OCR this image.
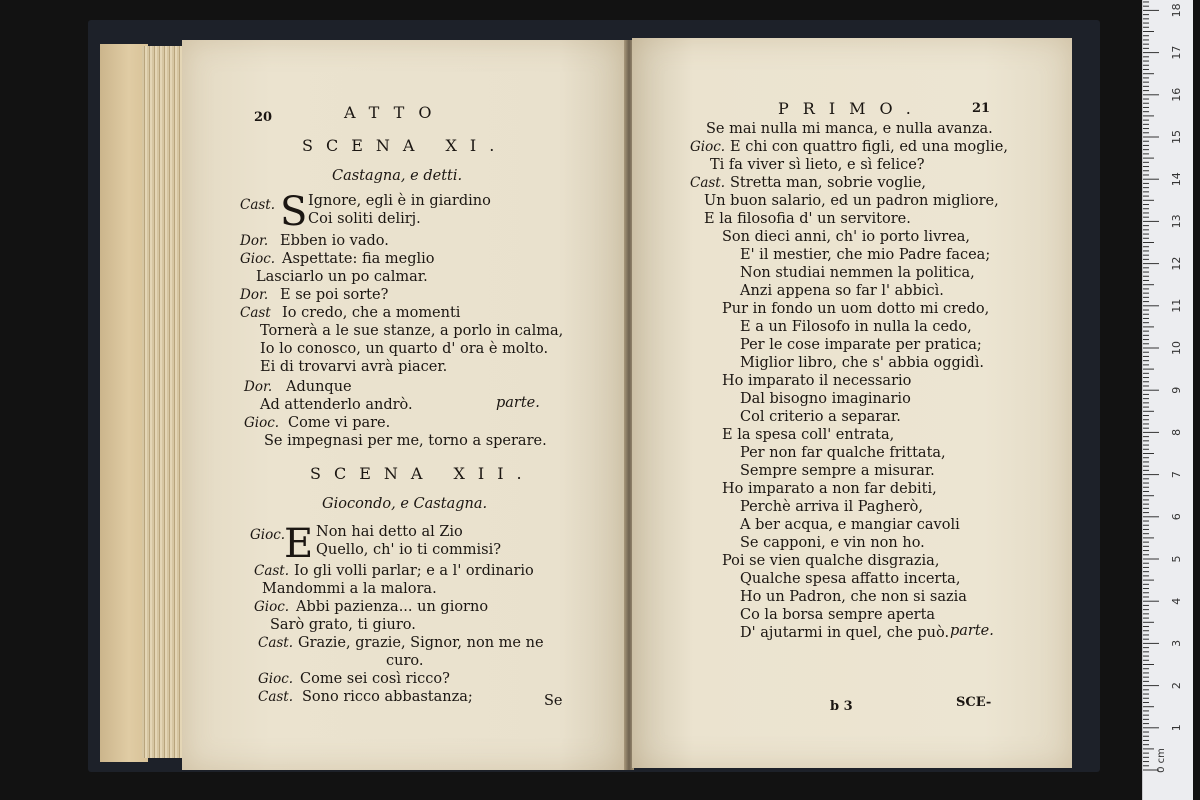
20	ATTO
SCENA XI.
Castagna, e detti.
S
Cast. Ignore, egli è in giardino
Coi soliti delirj.
Dor. Ebben io vado.
Gioc. Aspettate: fia meglio
Lasciarlo un po calmar.
Dor. E se poi sorte?
Cast Io credo, che a momenti
Tornerà a le sue stanze, a porlo in calma,
Io lo conosco, un quarto d' ora è molto.
Ei di trovarvi avrà piacer.
Dor. Adunque
Ad attenderlo andrò.	parte.
Gioc. Come vi pare.
Se impegnasi per me, torno a sperare.
SCENA XII.
Giocondo, e Castagna.
E
Gioc. Non hai detto al Zio
Quello, ch' io ti commisi?
Cast. Io gli volli parlar; e a l' ordinario
Mandommi a la malora.
Gioc. Abbi pazienza... un giorno
Sarò grato, ti giuro.
Cast. Grazie, grazie, Signor, non me ne
curo.
Gioc. Come sei così ricco?
Cast. Sono ricco abbastanza;	Se
PRIMO.	21
Se mai nulla mi manca, e nulla avanza.
Gioc. E chi con quattro figli, ed una moglie,
Ti fa viver sì lieto, e sì felice?
Cast. Stretta man, sobrie voglie,
Un buon salario, ed un padron migliore,
E la filosofia d' un servitore.
Son dieci anni, ch' io porto livrea,
E' il mestier, che mio Padre facea;
Non studiai nemmen la politica,
Anzi appena so far l' abbicì.
Pur in fondo un uom dotto mi credo,
E a un Filosofo in nulla la cedo,
Per le cose imparate per pratica;
Miglior libro, che s' abbia oggidì.
Ho imparato il necessario
Dal bisogno imaginario
Col criterio a separar.
E la spesa coll' entrata,
Per non far qualche frittata,
Sempre sempre a misurar.
Ho imparato a non far debiti,
Perchè arriva il Pagherò,
A ber acqua, e mangiar cavoli
Se capponi, e vin non ho.
Poi se vien qualche disgrazia,
Qualche spesa affatto incerta,
Ho un Padron, che non si sazia
Co la borsa sempre aperta
D' ajutarmi in quel, che può. parte.
b 3	SCE-
1
2
3
4
5
6
7
8
9
10
11
12
13
14
15
16
17
18
0 cm
